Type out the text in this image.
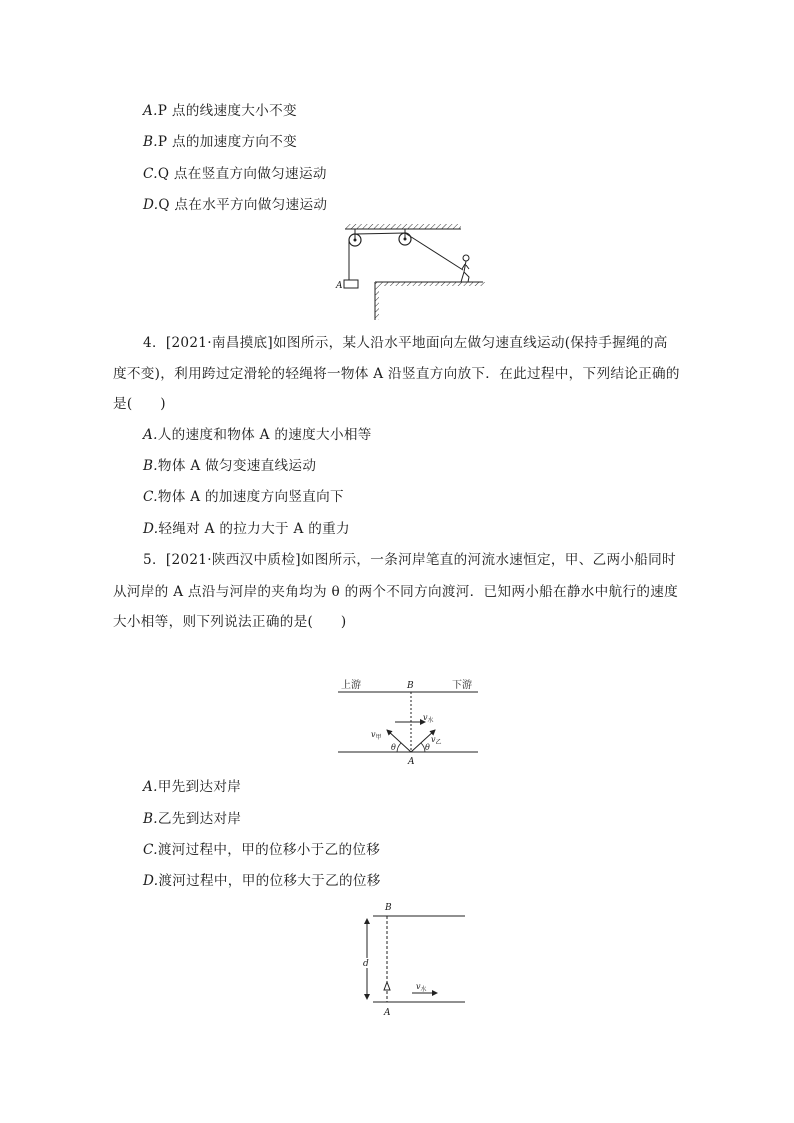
A.P 点的线速度大小不变
B.P 点的加速度方向不变
C.Q 点在竖直方向做匀速运动
D.Q 点在水平方向做匀速运动
A
4．[2021·南昌摸底]如图所示，某人沿水平地面向左做匀速直线运动(保持手握绳的高
度不变)，利用跨过定滑轮的轻绳将一物体 A 沿竖直方向放下．在此过程中，下列结论正确的
是(　　)
A.人的速度和物体 A 的速度大小相等
B.物体 A 做匀变速直线运动
C.物体 A 的加速度方向竖直向下
D.轻绳对 A 的拉力大于 A 的重力
5．[2021·陕西汉中质检]如图所示，一条河岸笔直的河流水速恒定，甲、乙两小船同时
从河岸的 A 点沿与河岸的夹角均为 θ 的两个不同方向渡河．已知两小船在静水中航行的速度
大小相等，则下列说法正确的是(　　)
上游	下游
B
$v_水$
$v_甲$	$v_乙$
θ	θ
A
A.甲先到达对岸
B.乙先到达对岸
C.渡河过程中，甲的位移小于乙的位移
D.渡河过程中，甲的位移大于乙的位移
B
d
$v_水$
A
